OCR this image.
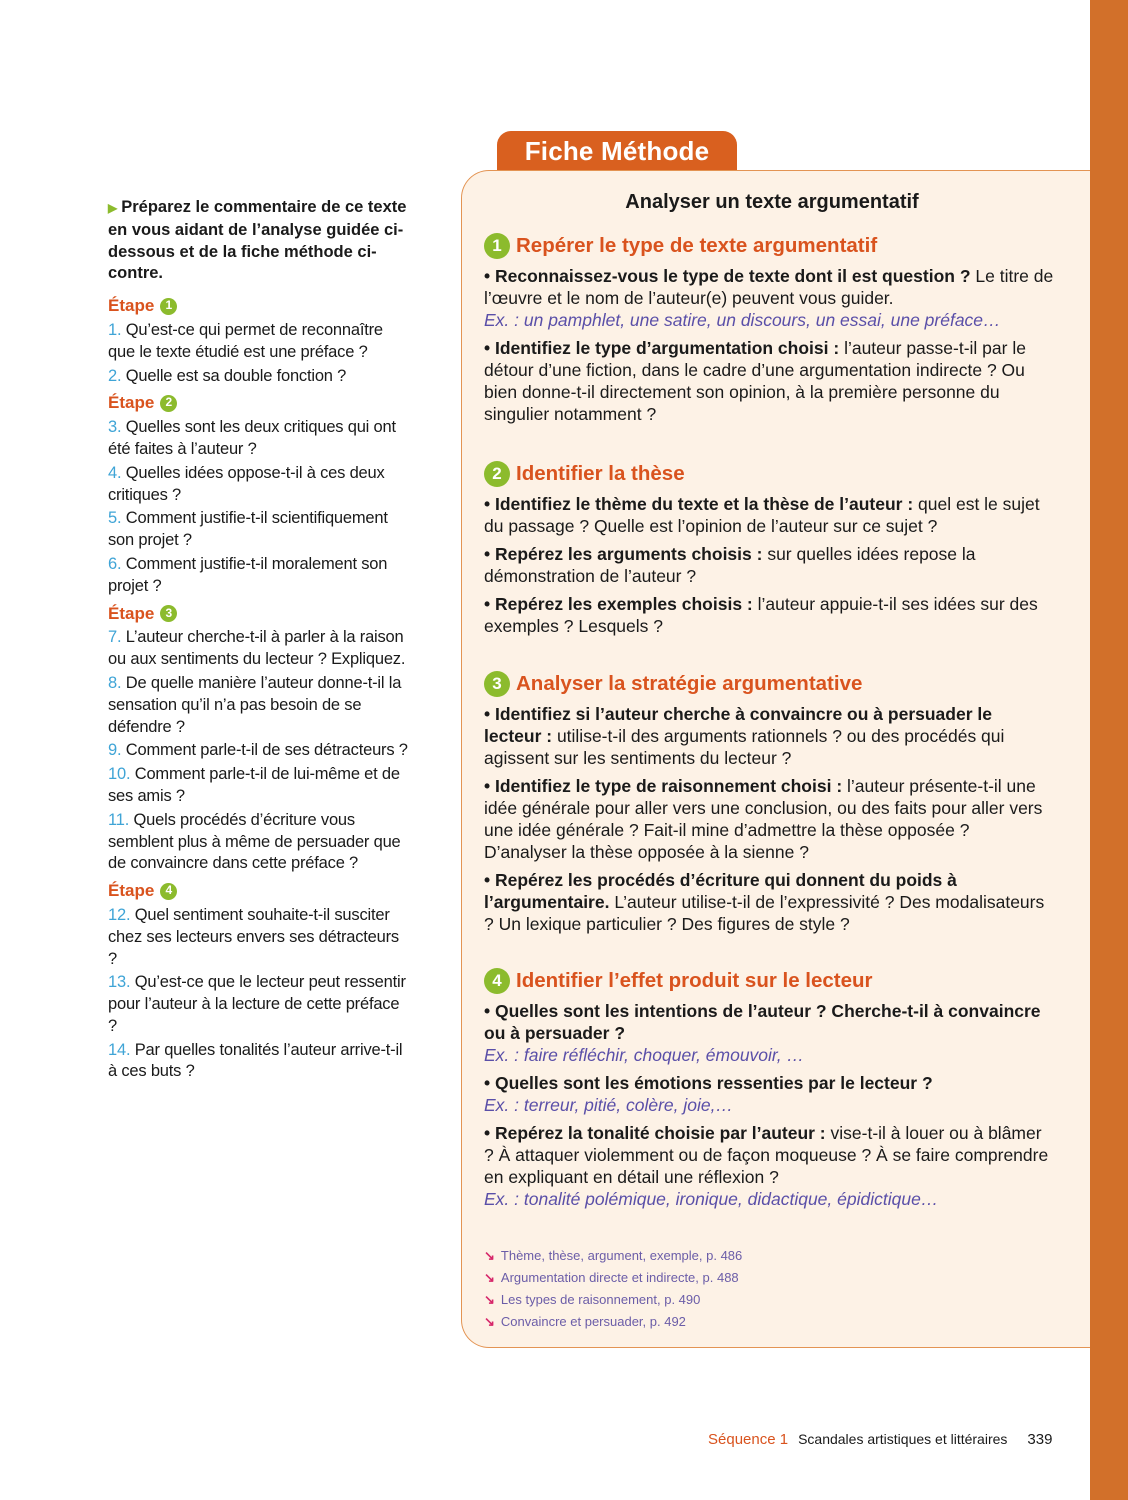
▶ Préparez le commentaire de ce texte en vous aidant de l’analyse guidée ci-dessous et de la fiche méthode ci-contre.
Étape 1
1. Qu’est-ce qui permet de reconnaître que le texte étudié est une préface ?
2. Quelle est sa double fonction ?
Étape 2
3. Quelles sont les deux critiques qui ont été faites à l’auteur ?
4. Quelles idées oppose-t-il à ces deux critiques ?
5. Comment justifie-t-il scientifiquement son projet ?
6. Comment justifie-t-il moralement son projet ?
Étape 3
7. L’auteur cherche-t-il à parler à la raison ou aux sentiments du lecteur ? Expliquez.
8. De quelle manière l’auteur donne-t-il la sensation qu’il n’a pas besoin de se défendre ?
9. Comment parle-t-il de ses détracteurs ?
10. Comment parle-t-il de lui-même et de ses amis ?
11. Quels procédés d’écriture vous semblent plus à même de persuader que de convaincre dans cette préface ?
Étape 4
12. Quel sentiment souhaite-t-il susciter chez ses lecteurs envers ses détracteurs ?
13. Qu’est-ce que le lecteur peut ressentir pour l’auteur à la lecture de cette préface ?
14. Par quelles tonalités l’auteur arrive-t-il à ces buts ?
Fiche Méthode
Analyser un texte argumentatif
1 Repérer le type de texte argumentatif
• Reconnaissez-vous le type de texte dont il est question ? Le titre de l’œuvre et le nom de l’auteur(e) peuvent vous guider.
Ex. : un pamphlet, une satire, un discours, un essai, une préface…
• Identifiez le type d’argumentation choisi : l’auteur passe-t-il par le détour d’une fiction, dans le cadre d’une argumentation indirecte ? Ou bien donne-t-il directement son opinion, à la première personne du singulier notamment ?
2 Identifier la thèse
• Identifiez le thème du texte et la thèse de l’auteur : quel est le sujet du passage ? Quelle est l’opinion de l’auteur sur ce sujet ?
• Repérez les arguments choisis : sur quelles idées repose la démonstration de l’auteur ?
• Repérez les exemples choisis : l’auteur appuie-t-il ses idées sur des exemples ? Lesquels ?
3 Analyser la stratégie argumentative
• Identifiez si l’auteur cherche à convaincre ou à persuader le lecteur : utilise-t-il des arguments rationnels ? ou des procédés qui agissent sur les sentiments du lecteur ?
• Identifiez le type de raisonnement choisi : l’auteur présente-t-il une idée générale pour aller vers une conclusion, ou des faits pour aller vers une idée générale ? Fait-il mine d’admettre la thèse opposée ? D’analyser la thèse opposée à la sienne ?
• Repérez les procédés d’écriture qui donnent du poids à l’argumentaire. L’auteur utilise-t-il de l’expressivité ? Des modalisateurs ? Un lexique particulier ? Des figures de style ?
4 Identifier l’effet produit sur le lecteur
• Quelles sont les intentions de l’auteur ? Cherche-t-il à convaincre ou à persuader ?
Ex. : faire réfléchir, choquer, émouvoir, …
• Quelles sont les émotions ressenties par le lecteur ?
Ex. : terreur, pitié, colère, joie,…
• Repérez la tonalité choisie par l’auteur : vise-t-il à louer ou à blâmer ? À attaquer violemment ou de façon moqueuse ? À se faire comprendre en expliquant en détail une réflexion ?
Ex. : tonalité polémique, ironique, didactique, épidictique…
↘ Thème, thèse, argument, exemple, p. 486
↘ Argumentation directe et indirecte, p. 488
↘ Les types de raisonnement, p. 490
↘ Convaincre et persuader, p. 492
Séquence 1 Scandales artistiques et littéraires 339
